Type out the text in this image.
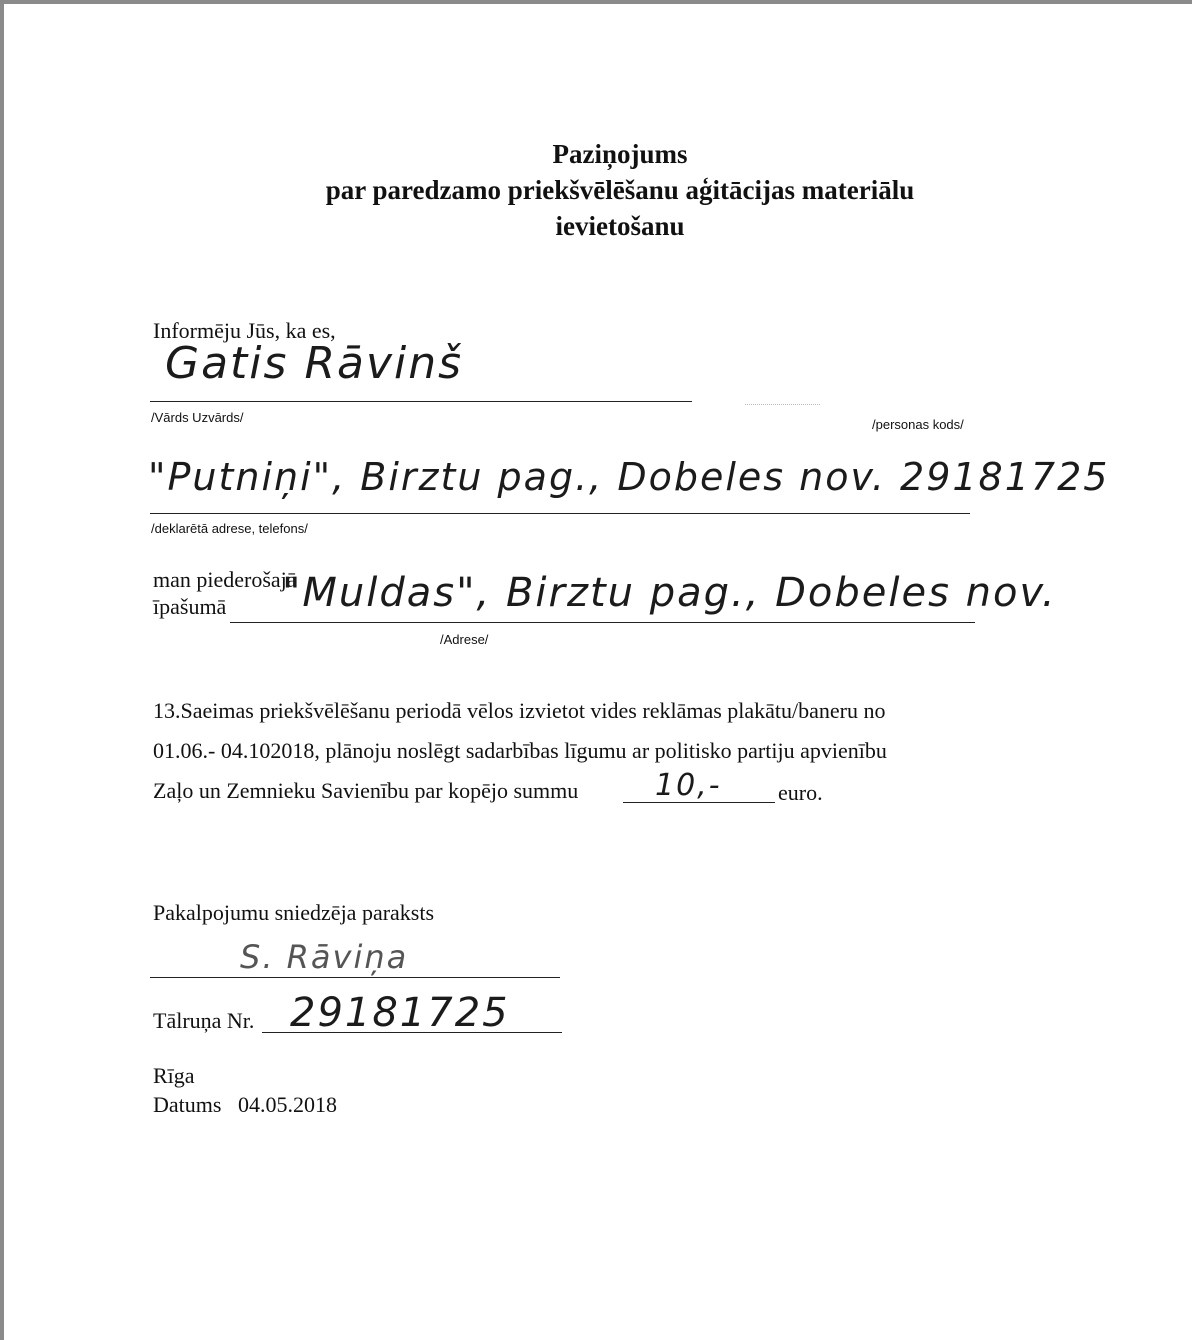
Paziņojums
par paredzamo priekšvēlēšanu aģitācijas materiālu
ievietošanu
Informēju Jūs, ka es,
Gatis Rāvinš
/Vārds Uzvārds/	/personas kods/
"Putniņi", Birztu pag., Dobeles nov. 29181725
/deklarētā adrese, telefons/
man piederošajā
īpašumā "Muldas", Birztu pag., Dobeles nov.
/Adrese/
13.Saeimas priekšvēlēšanu periodā vēlos izvietot vides reklāmas plakātu/baneru no
01.06.- 04.102018, plānoju noslēgt sadarbības līgumu ar politisko partiju apvienību
Zaļo un Zemnieku Savienību par kopējo summu	10,-	euro.
Pakalpojumu sniedzēja paraksts
S. Rāviņa
Tālruņa Nr. 29181725
Rīga
Datums 04.05.2018
